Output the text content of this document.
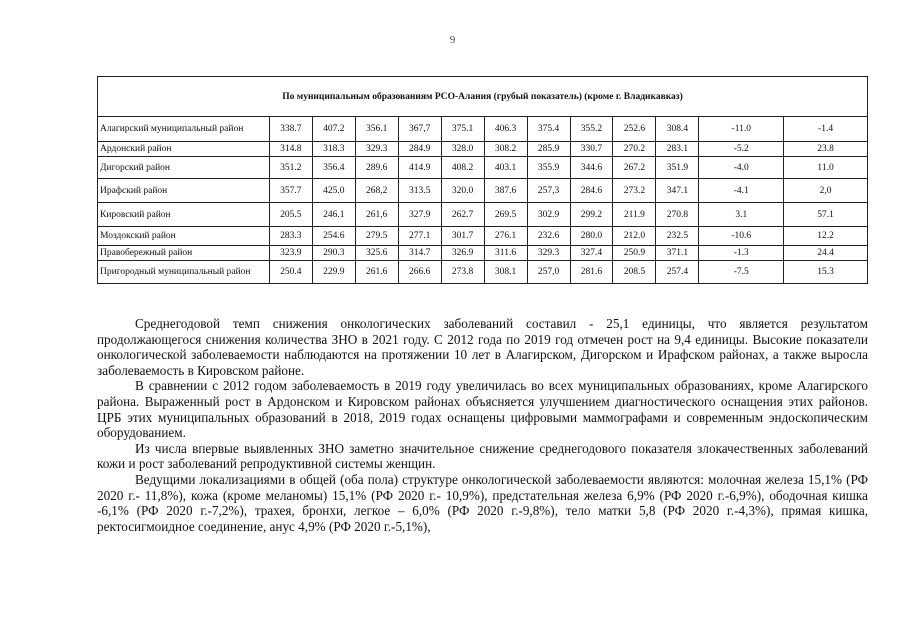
9
По муниципальным образованиям РСО-Алания (грубый показатель) (кроме г. Владикавказ)												
Алагирский муниципальный район	338.7	407.2	356.1	367,7	375.1	406.3	375.4	355.2	252.6	308.4	-11.0	-1.4
Ардонский район	314.8	318.3	329.3	284.9	328.0	308.2	285.9	330.7	270.2	283.1	-5.2	23.8
Дигорский район	351.2	356.4	289.6	414.9	408.2	403.1	355.9	344.6	267.2	351.9	-4.0	11.0
Ирафский район	357.7	425.0	268,2	313.5	320.0	387.6	257,3	284.6	273.2	347.1	-4.1	2,0
Кировский район	205.5	246.1	261,6	327.9	262.7	269.5	302.9	299.2	211.9	270.8	3.1	57.1
Моздокский район	283.3	254.6	279.5	277.1	301.7	276.1	232.6	280.0	212.0	232.5	-10.6	12.2
Правобережный район	323.9	290.3	325.6	314.7	326.9	311.6	329.3	327.4	250.9	371.1	-1.3	24.4
Пригородный муниципальный район	250.4	229.9	261.6	266.6	273.8	308.1	257,0	281.6	208.5	257.4	-7.5	15.3

Среднегодовой темп снижения онкологических заболеваний составил - 25,1 единицы, что является результатом продолжающегося снижения количества ЗНО в 2021 году. С 2012 года по 2019 год отмечен рост на 9,4 единицы. Высокие показатели онкологической заболеваемости наблюдаются на протяжении 10 лет в Алагирском, Дигорском и Ирафском районах, а также выросла заболеваемость в Кировском районе.

В сравнении с 2012 годом заболеваемость в 2019 году увеличилась во всех муниципальных образованиях, кроме Алагирского района. Выраженный рост в Ардонском и Кировском районах объясняется улучшением диагностического оснащения этих районов. ЦРБ этих муниципальных образований в 2018, 2019 годах оснащены цифровыми маммографами и современным эндоскопическим оборудованием.

Из числа впервые выявленных ЗНО заметно значительное снижение среднегодового показателя злокачественных заболеваний кожи и рост заболеваний репродуктивной системы женщин.

Ведущими локализациями в общей (оба пола) структуре онкологической заболеваемости являются: молочная железа 15,1% (РФ 2020 г.- 11,8%), кожа (кроме меланомы) 15,1% (РФ 2020 г.- 10,9%), предстательная железа 6,9% (РФ 2020 г.-6,9%), ободочная кишка -6,1% (РФ 2020 г.-7,2%), трахея, бронхи, легкое – 6,0% (РФ 2020 г.-9,8%), тело матки 5,8 (РФ 2020 г.-4,3%), прямая кишка, ректосигмоидное соединение, анус 4,9% (РФ 2020 г.-5,1%),
